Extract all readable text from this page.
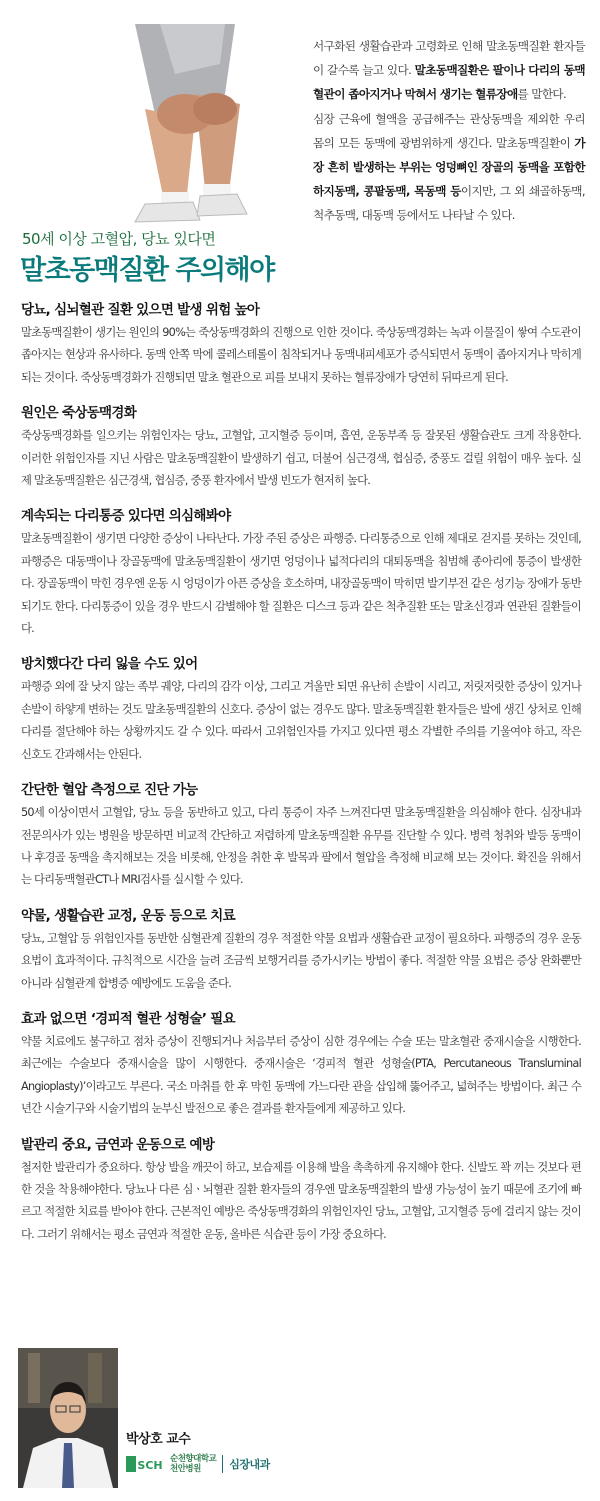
50세 이상 고혈압, 당뇨 있다면
말초동맥질환 주의해야

서구화된 생활습관과 고령화로 인해 말초동맥질환 환자들이 갈수록 늘고 있다. 말초동맥질환은 팔이나 다리의 동맥혈관이 좁아지거나 막혀서 생기는 혈류장애를 말한다.

심장 근육에 혈액을 공급해주는 관상동맥을 제외한 우리 몸의 모든 동맥에 광범위하게 생긴다. 말초동맥질환이 가장 흔히 발생하는 부위는 엉덩뼈인 장골의 동맥을 포함한 하지동맥, 콩팥동맥, 목동맥 등이지만, 그 외 쇄골하동맥, 척추동맥, 대동맥 등에서도 나타날 수 있다.

당뇨, 심뇌혈관 질환 있으면 발생 위험 높아

말초동맥질환이 생기는 원인의 90%는 죽상동맥경화의 진행으로 인한 것이다. 죽상동맥경화는 녹과 이물질이 쌓여 수도관이 좁아지는 현상과 유사하다. 동맥 안쪽 막에 콜레스테롤이 침착되거나 동맥내피세포가 증식되면서 동맥이 좁아지거나 막히게 되는 것이다. 죽상동맥경화가 진행되면 말초 혈관으로 피를 보내지 못하는 혈류장애가 당연히 뒤따르게 된다.

원인은 죽상동맥경화

죽상동맥경화를 일으키는 위험인자는 당뇨, 고혈압, 고지혈증 등이며, 흡연, 운동부족 등 잘못된 생활습관도 크게 작용한다. 이러한 위험인자를 지닌 사람은 말초동맥질환이 발생하기 쉽고, 더불어 심근경색, 협심증, 중풍도 걸릴 위험이 매우 높다. 실제 말초동맥질환은 심근경색, 협심증, 중풍 환자에서 발생 빈도가 현저히 높다.

계속되는 다리통증 있다면 의심해봐야

말초동맥질환이 생기면 다양한 증상이 나타난다. 가장 주된 증상은 파행증. 다리통증으로 인해 제대로 걷지를 못하는 것인데, 파행증은 대동맥이나 장골동맥에 말초동맥질환이 생기면 엉덩이나 넓적다리의 대퇴동맥을 침범해 종아리에 통증이 발생한다. 장골동맥이 막힌 경우엔 운동 시 엉덩이가 아픈 증상을 호소하며, 내장골동맥이 막히면 발기부전 같은 성기능 장애가 동반되기도 한다. 다리통증이 있을 경우 반드시 감별해야 할 질환은 디스크 등과 같은 척추질환 또는 말초신경과 연관된 질환들이다.

방치했다간 다리 잃을 수도 있어

파행증 외에 잘 낫지 않는 족부 궤양, 다리의 감각 이상, 그리고 겨울만 되면 유난히 손발이 시리고, 저릿저릿한 증상이 있거나 손발이 하얗게 변하는 것도 말초동맥질환의 신호다. 증상이 없는 경우도 많다. 말초동맥질환 환자들은 발에 생긴 상처로 인해 다리를 절단해야 하는 상황까지도 갈 수 있다. 따라서 고위험인자를 가지고 있다면 평소 각별한 주의를 기울여야 하고, 작은 신호도 간과해서는 안된다.

간단한 혈압 측정으로 진단 가능

50세 이상이면서 고혈압, 당뇨 등을 동반하고 있고, 다리 통증이 자주 느껴진다면 말초동맥질환을 의심해야 한다. 심장내과 전문의사가 있는 병원을 방문하면 비교적 간단하고 저렴하게 말초동맥질환 유무를 진단할 수 있다. 병력 청취와 발등 동맥이나 후경골 동맥을 촉지해보는 것을 비롯해, 안정을 취한 후 발목과 팔에서 혈압을 측정해 비교해 보는 것이다. 확진을 위해서는 다리동맥혈관CT나 MRI검사를 실시할 수 있다.

약물, 생활습관 교정, 운동 등으로 치료

당뇨, 고혈압 등 위험인자를 동반한 심혈관계 질환의 경우 적절한 약물 요법과 생활습관 교정이 필요하다. 파행증의 경우 운동요법이 효과적이다. 규칙적으로 시간을 늘려 조금씩 보행거리를 증가시키는 방법이 좋다. 적절한 약물 요법은 증상 완화뿐만 아니라 심혈관계 합병증 예방에도 도움을 준다.

효과 없으면 ‘경피적 혈관 성형술’ 필요

약물 치료에도 불구하고 점차 증상이 진행되거나 처음부터 증상이 심한 경우에는 수술 또는 말초혈관 중재시술을 시행한다. 최근에는 수술보다 중재시술을 많이 시행한다. 중재시술은 ‘경피적 혈관 성형술(PTA, Percutaneous Transluminal Angioplasty)’이라고도 부른다. 국소 마취를 한 후 막힌 동맥에 가느다란 관을 삽입해 뚫어주고, 넓혀주는 방법이다. 최근 수년간 시술기구와 시술기법의 눈부신 발전으로 좋은 결과를 환자들에게 제공하고 있다.

발관리 중요, 금연과 운동으로 예방

철저한 발관리가 중요하다. 항상 발을 깨끗이 하고, 보습제를 이용해 발을 촉촉하게 유지해야 한다. 신발도 꽉 끼는 것보다 편한 것을 착용해야한다. 당뇨나 다른 심ㆍ뇌혈관 질환 환자들의 경우엔 말초동맥질환의 발생 가능성이 높기 때문에 조기에 빠르고 적절한 치료를 받아야 한다. 근본적인 예방은 죽상동맥경화의 위험인자인 당뇨, 고혈압, 고지혈증 등에 걸리지 않는 것이다. 그러기 위해서는 평소 금연과 적절한 운동, 올바른 식습관 등이 가장 중요하다.

박상호 교수
SCH 순천향대학교
천안병원	심장내과
